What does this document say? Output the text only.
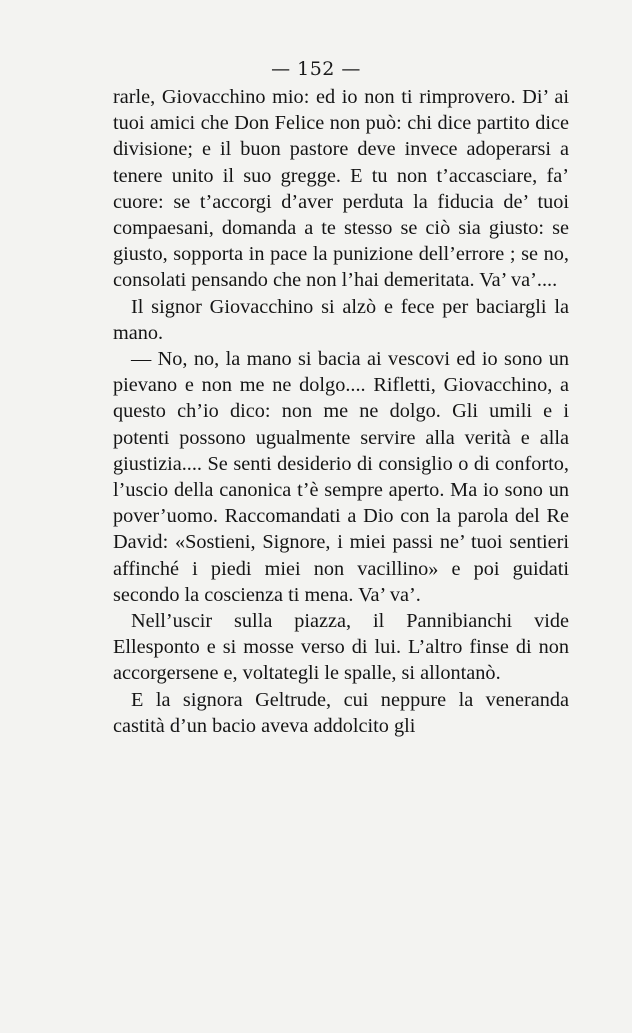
— 152 —

rarle, Giovacchino mio: ed io non ti rimprovero. Di’ ai tuoi amici che Don Felice non può: chi dice partito dice divisione; e il buon pastore deve invece adoperarsi a tenere unito il suo gregge. E tu non t’accasciare, fa’ cuore: se t’accorgi d’aver perduta la fiducia de’ tuoi compaesani, domanda a te stesso se ciò sia giusto: se giusto, sopporta in pace la punizione dell’errore ; se no, consolati pensando che non l’hai demeritata. Va’ va’....

Il signor Giovacchino si alzò e fece per baciargli la mano.

— No, no, la mano si bacia ai vescovi ed io sono un pievano e non me ne dolgo.... Rifletti, Giovacchino, a questo ch’io dico: non me ne dolgo. Gli umili e i potenti possono ugualmente servire alla verità e alla giustizia.... Se senti desiderio di consiglio o di conforto, l’uscio della canonica t’è sempre aperto. Ma io sono un pover’uomo. Raccomandati a Dio con la parola del Re David: «Sostieni, Signore, i miei passi ne’ tuoi sentieri affinché i piedi miei non vacillino» e poi guidati secondo la coscienza ti mena. Va’ va’.

Nell’uscir sulla piazza, il Pannibianchi vide Ellesponto e si mosse verso di lui. L’altro finse di non accorgersene e, voltategli le spalle, si allontanò.

E la signora Geltrude, cui neppure la veneranda castità d’un bacio aveva addolcito gli
